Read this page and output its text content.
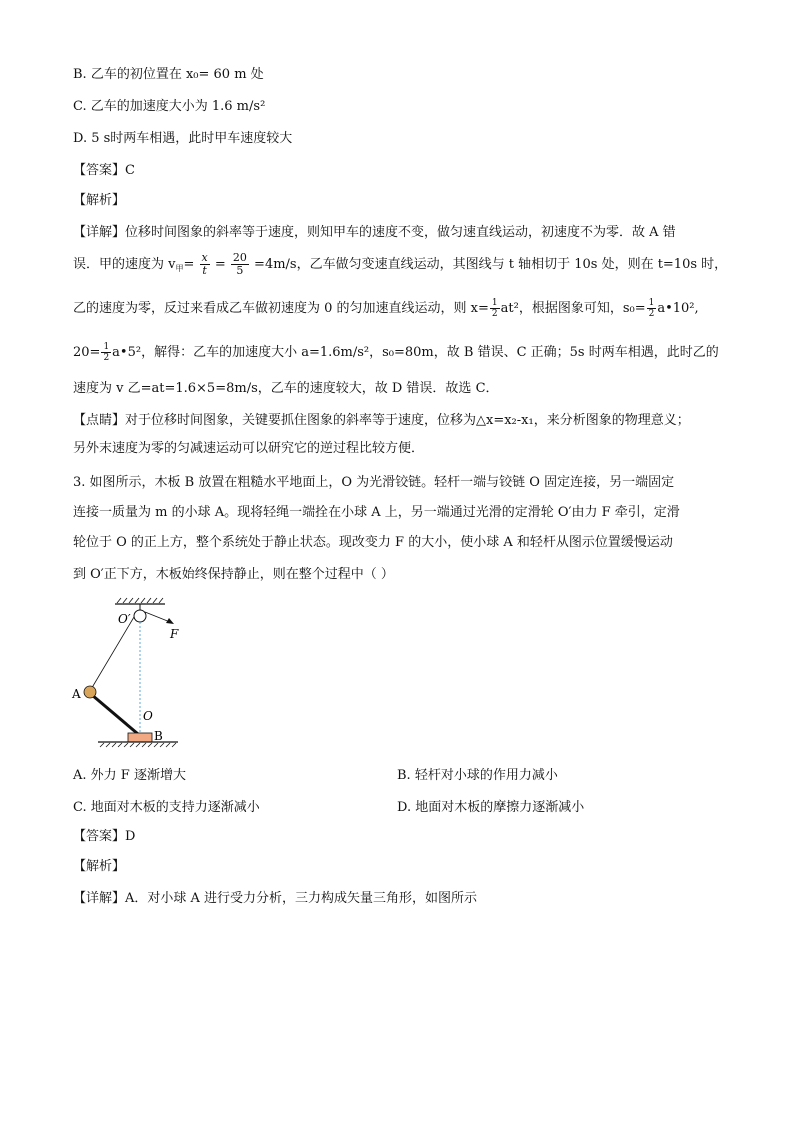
B. 乙车的初位置在 x₀= 60 m 处
C. 乙车的加速度大小为 1.6 m/s²
D. 5 s时两车相遇，此时甲车速度较大
【答案】C
【解析】
【详解】位移时间图象的斜率等于速度，则知甲车的速度不变，做匀速直线运动，初速度不为零．故 A 错
误．甲的速度为 $v_甲= \frac{x}{t} = \frac{20}{5} =4m/s$，乙车做匀变速直线运动，其图线与 t 轴相切于 10s 处，则在 t=10s 时，
乙的速度为零，反过来看成乙车做初速度为 0 的匀加速直线运动，则 $x= \frac{1}{2} at^2$，根据图象可知，$s_0= \frac{1}{2}$ a•10²,
$20= \frac{1}{2}$ a•5²，解得：乙车的加速度大小 a=1.6m/s²，s₀=80m，故 B 错误、C 正确；5s 时两车相遇，此时乙的
速度为 v 乙=at=1.6×5=8m/s，乙车的速度较大，故 D 错误．故选 C．
【点睛】对于位移时间图象，关键要抓住图象的斜率等于速度，位移为△x=x₂-x₁，来分析图象的物理意义；
另外末速度为零的匀减速运动可以研究它的逆过程比较方便．
3. 如图所示，木板 B 放置在粗糙水平地面上，O 为光滑铰链。轻杆一端与铰链 O 固定连接，另一端固定
连接一质量为 m 的小球 A。现将轻绳一端拴在小球 A 上，另一端通过光滑的定滑轮 O′由力 F 牵引，定滑
轮位于 O 的正上方，整个系统处于静止状态。现改变力 F 的大小，使小球 A 和轻杆从图示位置缓慢运动
到 O′正下方，木板始终保持静止，则在整个过程中（ ）
O′
F
A
O
B
A. 外力 F 逐渐增大	B. 轻杆对小球的作用力减小
C. 地面对木板的支持力逐渐减小	D. 地面对木板的摩擦力逐渐减小
【答案】D
【解析】
【详解】A．对小球 A 进行受力分析，三力构成矢量三角形，如图所示
